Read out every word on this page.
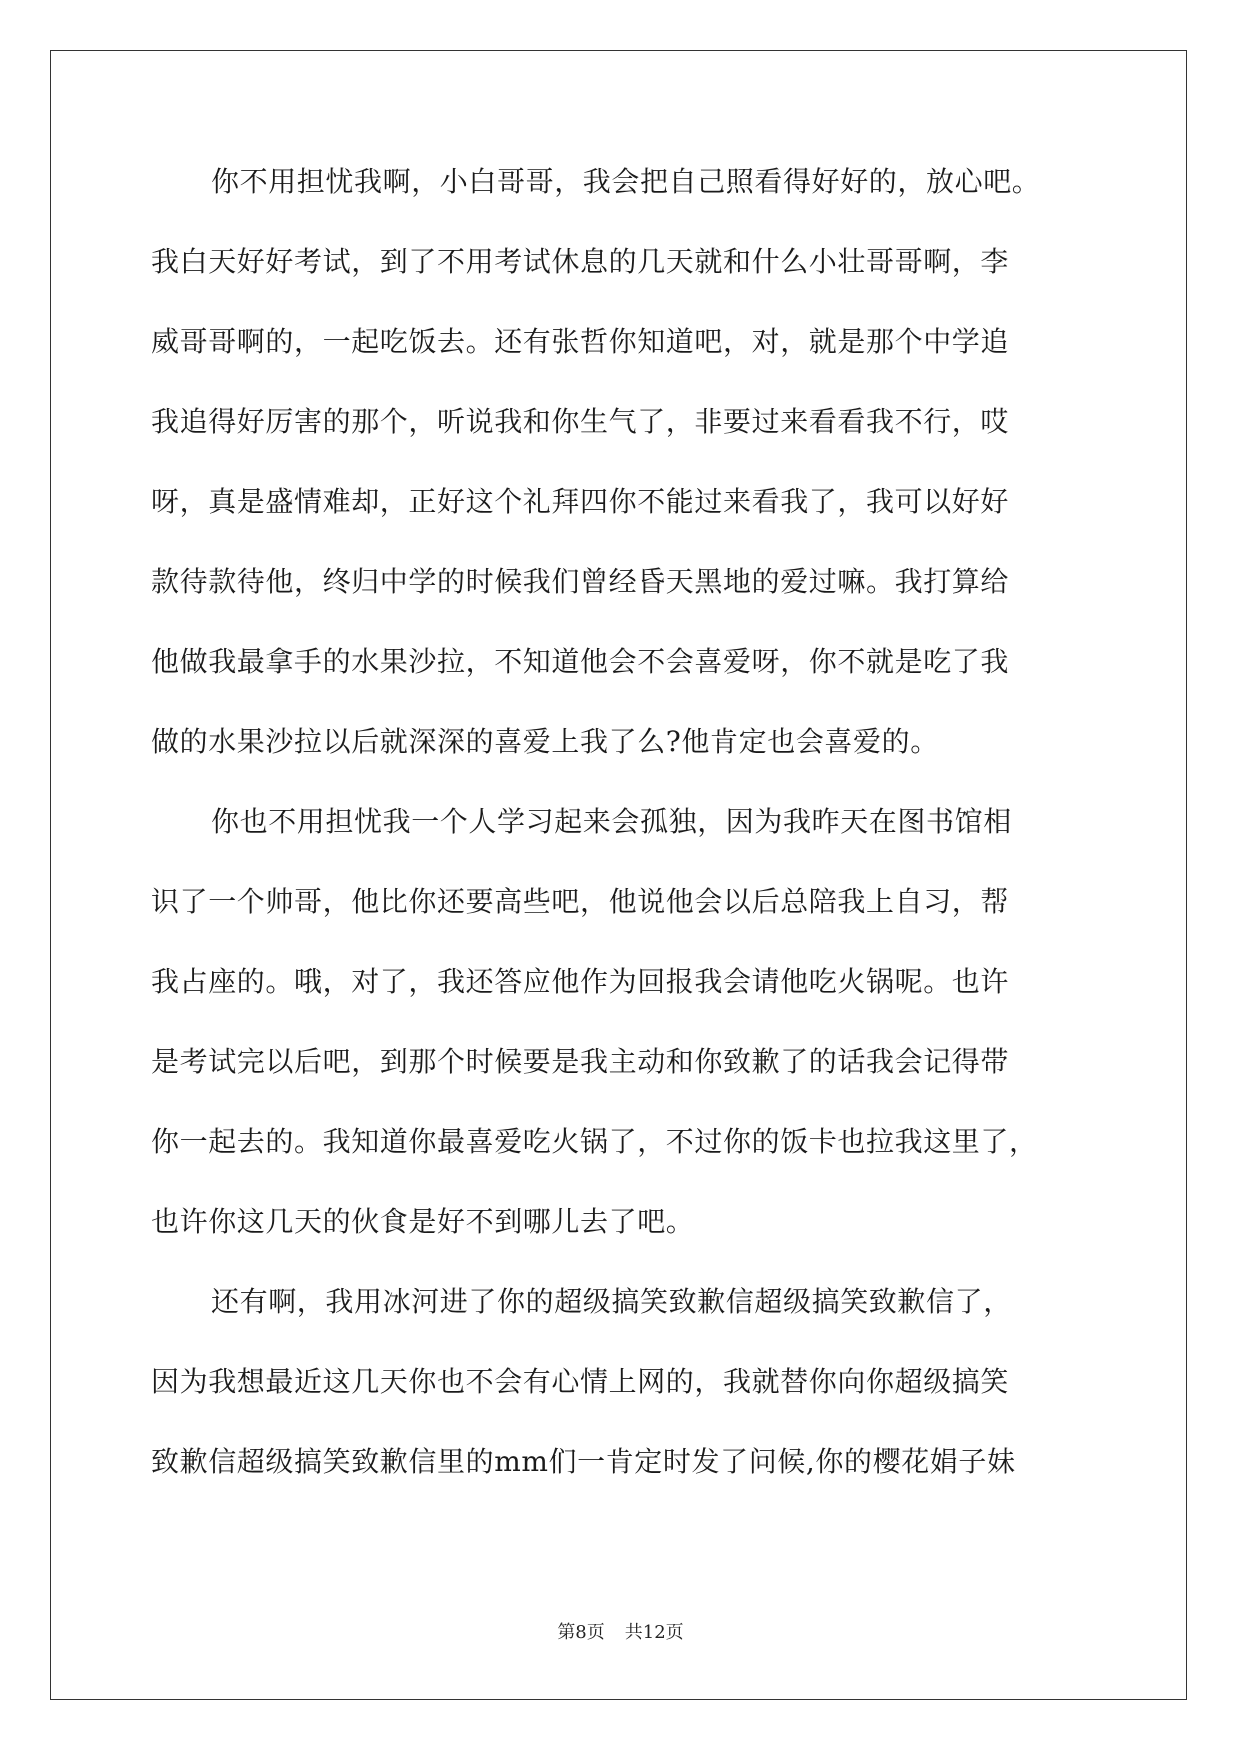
你不用担忧我啊，小白哥哥，我会把自己照看得好好的，放心吧。
我白天好好考试，到了不用考试休息的几天就和什么小壮哥哥啊，李
威哥哥啊的，一起吃饭去。还有张哲你知道吧，对，就是那个中学追
我追得好厉害的那个，听说我和你生气了，非要过来看看我不行，哎
呀，真是盛情难却，正好这个礼拜四你不能过来看我了，我可以好好
款待款待他，终归中学的时候我们曾经昏天黑地的爱过嘛。我打算给
他做我最拿手的水果沙拉，不知道他会不会喜爱呀，你不就是吃了我
做的水果沙拉以后就深深的喜爱上我了么?他肯定也会喜爱的。
你也不用担忧我一个人学习起来会孤独，因为我昨天在图书馆相
识了一个帅哥，他比你还要高些吧，他说他会以后总陪我上自习，帮
我占座的。哦，对了，我还答应他作为回报我会请他吃火锅呢。也许
是考试完以后吧，到那个时候要是我主动和你致歉了的话我会记得带
你一起去的。我知道你最喜爱吃火锅了，不过你的饭卡也拉我这里了，
也许你这几天的伙食是好不到哪儿去了吧。
还有啊，我用冰河进了你的超级搞笑致歉信超级搞笑致歉信了，
因为我想最近这几天你也不会有心情上网的，我就替你向你超级搞笑
致歉信超级搞笑致歉信里的mm们一肯定时发了问候,你的樱花娟子妹
第8页 共12页
